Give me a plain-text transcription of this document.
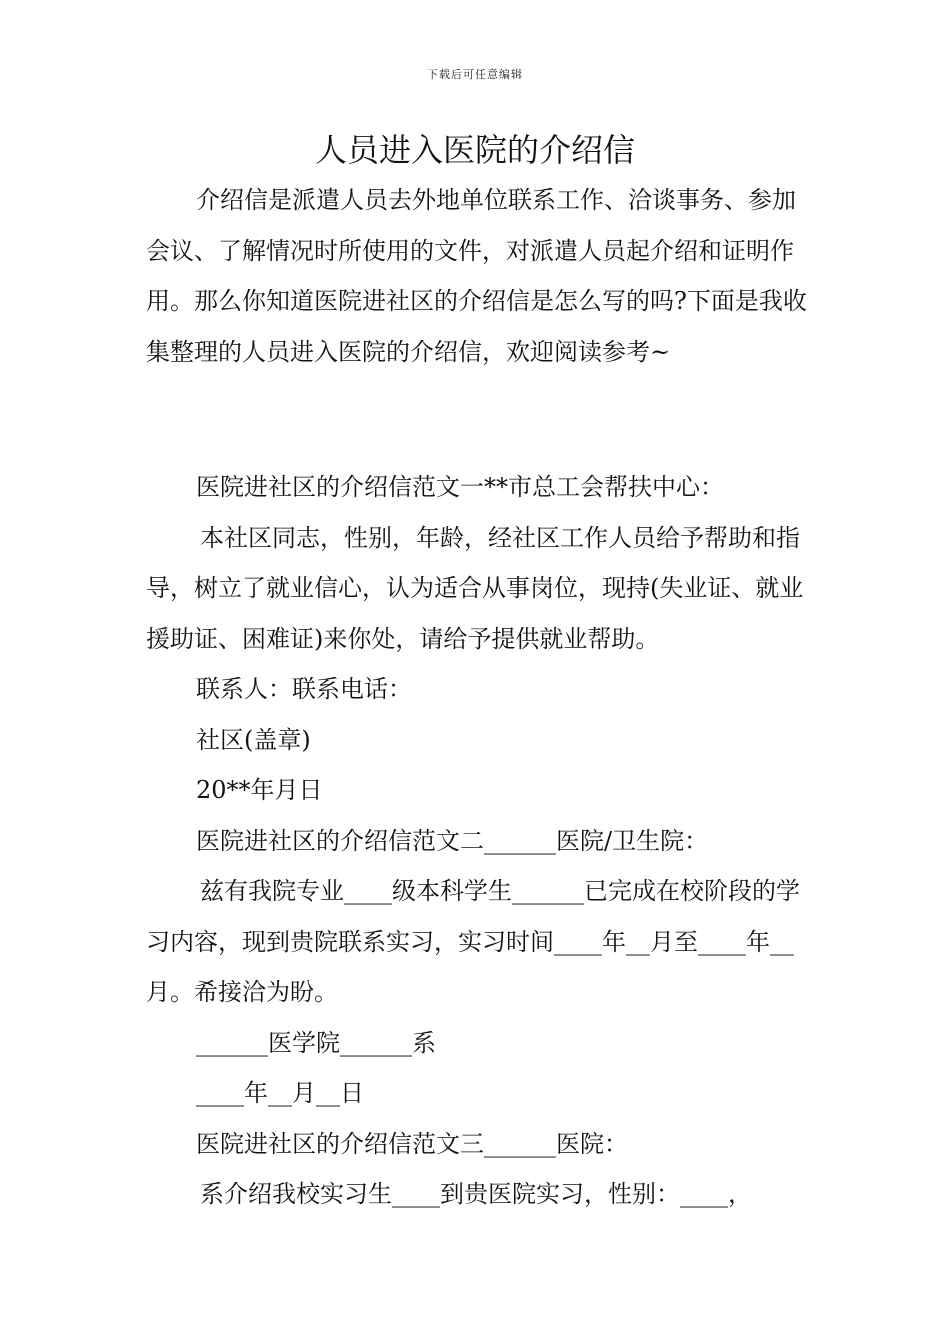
下载后可任意编辑
人员进入医院的介绍信

介绍信是派遣人员去外地单位联系工作、洽谈事务、参加会议、了解情况时所使用的文件，对派遣人员起介绍和证明作用。那么你知道医院进社区的介绍信是怎么写的吗?下面是我收集整理的人员进入医院的介绍信，欢迎阅读参考~

医院进社区的介绍信范文一**市总工会帮扶中心：

本社区同志，性别，年龄，经社区工作人员给予帮助和指导，树立了就业信心，认为适合从事岗位，现持(失业证、就业援助证、困难证)来你处，请给予提供就业帮助。

联系人：联系电话：

社区(盖章)

20**年月日

医院进社区的介绍信范文二______医院/卫生院：

兹有我院专业____级本科学生______已完成在校阶段的学习内容，现到贵院联系实习，实习时间____年__月至____年__月。希接洽为盼。

______医学院______系

____年__月__日

医院进社区的介绍信范文三______医院：

系介绍我校实习生____到贵医院实习，性别：____，
